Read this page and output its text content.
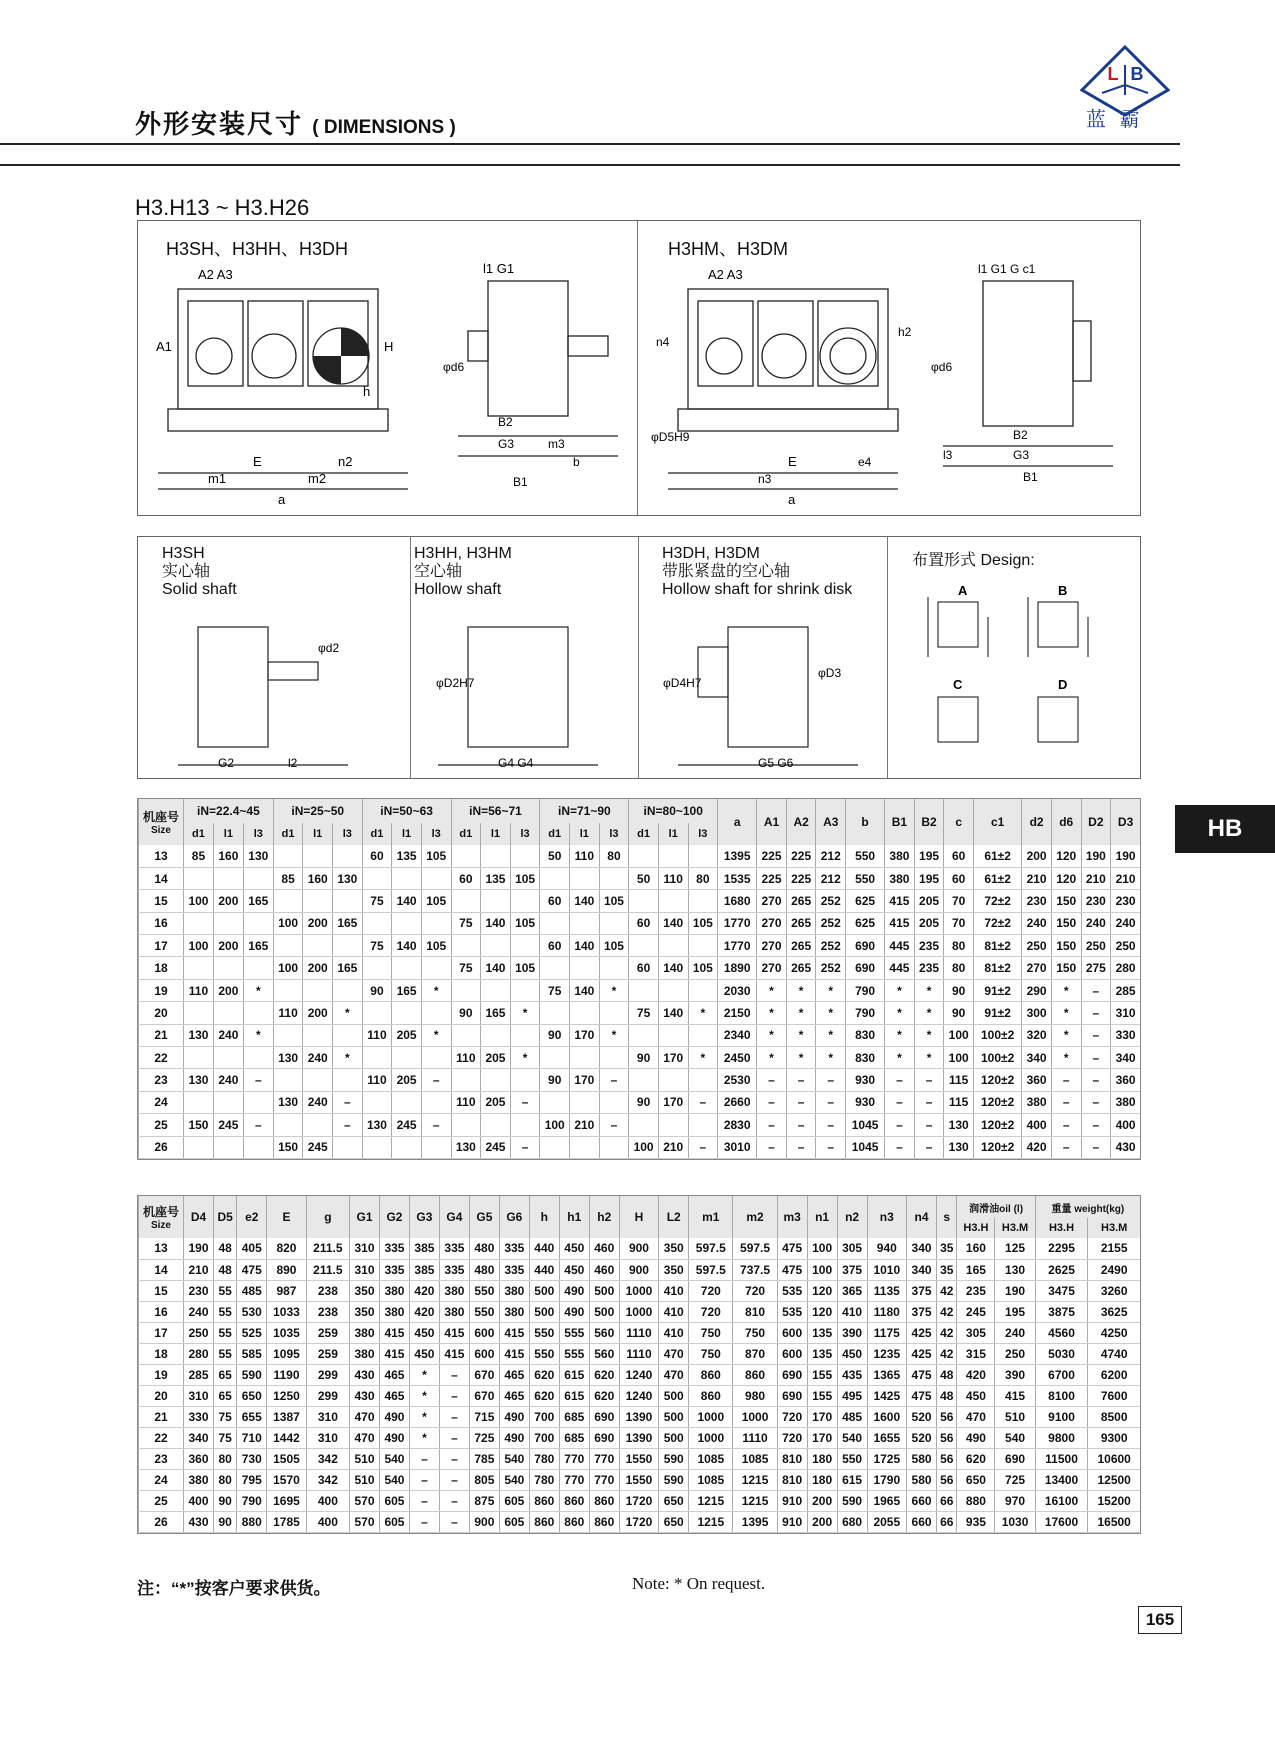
L B
蓝 霸
外形安装尺寸 ( DIMENSIONS )
H3.H13 ~ H3.H26
H3SH、H3HH、H3DH	H3HM、H3DM
A2 A3
A1	H
h
E	n2
m1	m2
a
l1 G1
φd6
B2
G3	m3
b
B1
A2 A3
n4
φD5H9
E	e4
n3
a
h2
l1 G1 G c1
φd6
B2
G3
B1
l3
H3SH
实心轴
Solid shaft
H3HH, H3HM
空心轴
Hollow shaft
H3DH, H3DM
带胀紧盘的空心轴
Hollow shaft for shrink disk
布置形式 Design:
G2	l2
φd2
G4 G4
φD2H7
G5 G6
φD3
φD4H7
A	B
C	D
HB
机座号
Size	iN=22.4~45			iN=25~50			iN=50~63			iN=56~71			iN=71~90			iN=80~100			a	A1	A2	A3	b	B1	B2	c	c1	d2	d6	D2	D3
	d1	l1	l3	d1	l1	l3	d1	l1	l3	d1	l1	l3	d1	l1	l3	d1	l1	l3													
13	85	160	130				60	135	105				50	110	80				1395	225	225	212	550	380	195	60	61±2	200	120	190	190
14				85	160	130				60	135	105				50	110	80	1535	225	225	212	550	380	195	60	61±2	210	120	210	210
15	100	200	165				75	140	105				60	140	105				1680	270	265	252	625	415	205	70	72±2	230	150	230	230
16				100	200	165				75	140	105				60	140	105	1770	270	265	252	625	415	205	70	72±2	240	150	240	240
17	100	200	165				75	140	105				60	140	105				1770	270	265	252	690	445	235	80	81±2	250	150	250	250
18				100	200	165				75	140	105				60	140	105	1890	270	265	252	690	445	235	80	81±2	270	150	275	280
19	110	200	*				90	165	*				75	140	*				2030	*	*	*	790	*	*	90	91±2	290	*	–	285
20				110	200	*				90	165	*				75	140	*	2150	*	*	*	790	*	*	90	91±2	300	*	–	310
21	130	240	*				110	205	*				90	170	*				2340	*	*	*	830	*	*	100	100±2	320	*	–	330
22				130	240	*				110	205	*				90	170	*	2450	*	*	*	830	*	*	100	100±2	340	*	–	340
23	130	240	–				110	205	–				90	170	–				2530	–	–	–	930	–	–	115	120±2	360	–	–	360
24				130	240	–				110	205	–				90	170	–	2660	–	–	–	930	–	–	115	120±2	380	–	–	380
25	150	245	–			–	130	245	–				100	210	–				2830	–	–	–	1045	–	–	130	120±2	400	–	–	400
26				150	245					130	245	–				100	210	–	3010	–	–	–	1045	–	–	130	120±2	420	–	–	430
机座号
Size	D4	D5	e2	E	g	G1	G2	G3	G4	G5	G6	h	h1	h2	H	L2	m1	m2	m3	n1	n2	n3	n4	s	润滑油oil (l)		重量 weight(kg)	
																									H3.H	H3.M	H3.H	H3.M
13	190	48	405	820	211.5	310	335	385	335	480	335	440	450	460	900	350	597.5	597.5	475	100	305	940	340	35	160	125	2295	2155
14	210	48	475	890	211.5	310	335	385	335	480	335	440	450	460	900	350	597.5	737.5	475	100	375	1010	340	35	165	130	2625	2490
15	230	55	485	987	238	350	380	420	380	550	380	500	490	500	1000	410	720	720	535	120	365	1135	375	42	235	190	3475	3260
16	240	55	530	1033	238	350	380	420	380	550	380	500	490	500	1000	410	720	810	535	120	410	1180	375	42	245	195	3875	3625
17	250	55	525	1035	259	380	415	450	415	600	415	550	555	560	1110	410	750	750	600	135	390	1175	425	42	305	240	4560	4250
18	280	55	585	1095	259	380	415	450	415	600	415	550	555	560	1110	470	750	870	600	135	450	1235	425	42	315	250	5030	4740
19	285	65	590	1190	299	430	465	*	–	670	465	620	615	620	1240	470	860	860	690	155	435	1365	475	48	420	390	6700	6200
20	310	65	650	1250	299	430	465	*	–	670	465	620	615	620	1240	500	860	980	690	155	495	1425	475	48	450	415	8100	7600
21	330	75	655	1387	310	470	490	*	–	715	490	700	685	690	1390	500	1000	1000	720	170	485	1600	520	56	470	510	9100	8500
22	340	75	710	1442	310	470	490	*	–	725	490	700	685	690	1390	500	1000	1110	720	170	540	1655	520	56	490	540	9800	9300
23	360	80	730	1505	342	510	540	–	–	785	540	780	770	770	1550	590	1085	1085	810	180	550	1725	580	56	620	690	11500	10600
24	380	80	795	1570	342	510	540	–	–	805	540	780	770	770	1550	590	1085	1215	810	180	615	1790	580	56	650	725	13400	12500
25	400	90	790	1695	400	570	605	–	–	875	605	860	860	860	1720	650	1215	1215	910	200	590	1965	660	66	880	970	16100	15200
26	430	90	880	1785	400	570	605	–	–	900	605	860	860	860	1720	650	1215	1395	910	200	680	2055	660	66	935	1030	17600	16500
注：“*”按客户要求供货。	Note: * On request.
165
